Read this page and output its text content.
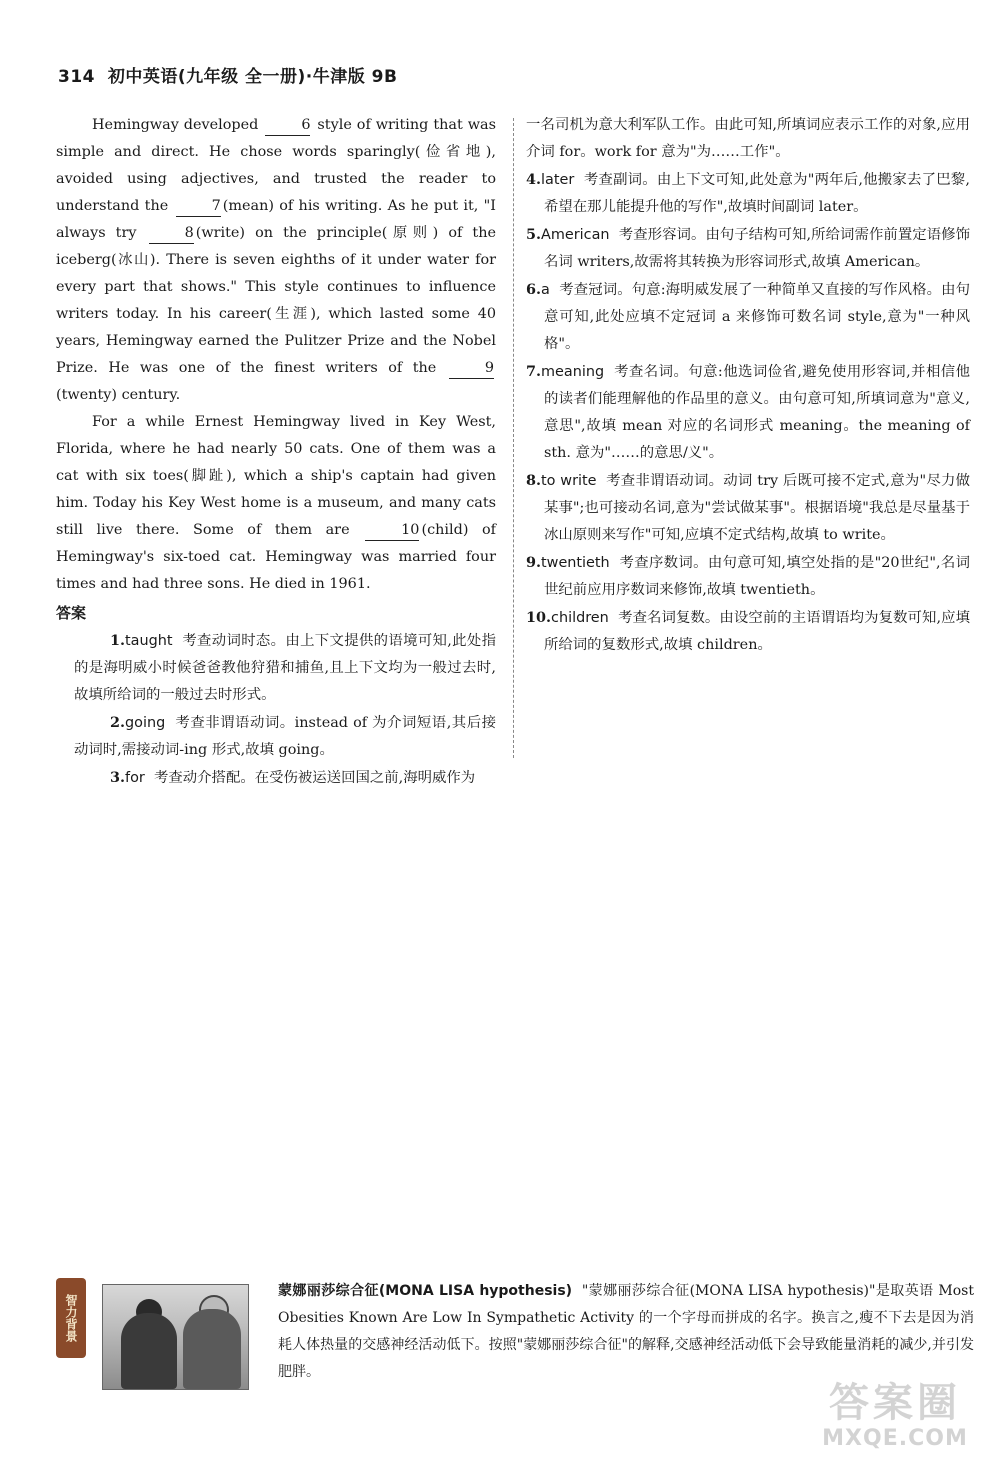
314 初中英语(九年级 全一册)·牛津版 9B

Hemingway developed	6 style of writing that was simple and direct. He chose words sparingly(俭省地), avoided using adjectives, and trusted the reader to understand the	7 (mean) of his writing. As he put it, "I always try	8 (write) on the principle(原则) of the iceberg(冰山). There is seven eighths of it under water for every part that shows." This style continues to influence writers today. In his career(生涯), which lasted some 40 years, Hemingway earned the Pulitzer Prize and the Nobel Prize. He was one of the finest writers of the	9(twenty) century.

For a while Ernest Hemingway lived in Key West, Florida, where he had nearly 50 cats. One of them was a cat with six toes(脚趾), which a ship's captain had given him. Today his Key West home is a museum, and many cats still live there. Some of them are	10 (child) of Hemingway's six-toed cat. Hemingway was married four times and had three sons. He died in 1961.

答案

1.taught 考查动词时态。由上下文提供的语境可知,此处指的是海明威小时候爸爸教他狩猎和捕鱼,且上下文均为一般过去时,故填所给词的一般过去时形式。

2.going 考查非谓语动词。instead of 为介词短语,其后接动词时,需接动词-ing 形式,故填 going。

3.for 考查动介搭配。在受伤被运送回国之前,海明威作为

一名司机为意大利军队工作。由此可知,所填词应表示工作的对象,应用介词 for。work for 意为"为……工作"。

4.later 考查副词。由上下文可知,此处意为"两年后,他搬家去了巴黎,希望在那儿能提升他的写作",故填时间副词 later。

5.American 考查形容词。由句子结构可知,所给词需作前置定语修饰名词 writers,故需将其转换为形容词形式,故填 American。

6.a 考查冠词。句意:海明威发展了一种简单又直接的写作风格。由句意可知,此处应填不定冠词 a 来修饰可数名词 style,意为"一种风格"。

7.meaning 考查名词。句意:他选词俭省,避免使用形容词,并相信他的读者们能理解他的作品里的意义。由句意可知,所填词意为"意义,意思",故填 mean 对应的名词形式 meaning。the meaning of sth. 意为"……的意思/义"。

8.to write 考查非谓语动词。动词 try 后既可接不定式,意为"尽力做某事";也可接动名词,意为"尝试做某事"。根据语境"我总是尽量基于冰山原则来写作"可知,应填不定式结构,故填 to write。

9.twentieth 考查序数词。由句意可知,填空处指的是"20世纪",名词世纪前应用序数词来修饰,故填 twentieth。

10.children 考查名词复数。由设空前的主语谓语均为复数可知,应填所给词的复数形式,故填 children。

智力背景
蒙娜丽莎综合征(MONA LISA hypothesis) "蒙娜丽莎综合征(MONA LISA hypothesis)"是取英语 Most Obesities Known Are Low In Sympathetic Activity 的一个字母而拼成的名字。换言之,瘦不下去是因为消耗人体热量的交感神经活动低下。按照"蒙娜丽莎综合征"的解释,交感神经活动低下会导致能量消耗的减少,并引发肥胖。
答案圈
MXQE.COM
